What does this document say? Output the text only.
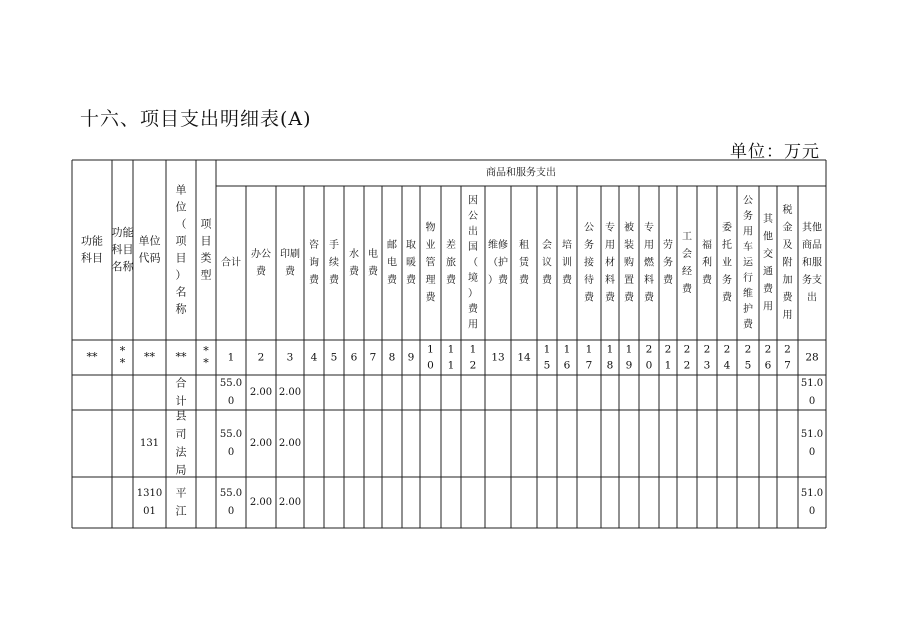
十六、项目支出明细表(A)
单位：万元
商品和服务支出
功能
科目
功能
科目
名称
单位
代码
单
位
（
项
目
）
名
称
项
目
类
型
合计
办公
费
印刷
费
咨
询
费
手
续
费
水
费
电
费
邮
电
费
取
暖
费
物
业
管
理
费
差
旅
费
因
公
出
国
（
境
）
费
用
维修
（护
）费
租
赁
费
会
议
费
培
训
费
公
务
接
待
费
专
用
材
料
费
被
装
购
置
费
专
用
燃
料
费
劳
务
费
工
会
经
费
福
利
费
委
托
业
务
费
公
务
用
车
运
行
维
护
费
其
他
交
通
费
用
税
金
及
附
加
费
用
其他
商品
和服
务支
出
** *
* ** ** *
* 1 2 3 4 5 6 7 8 9
1
0
1
1
1
2
13 14
1
5
1
6
1
7
1
8
1
9
2
0
2
1
2
2
2
3
2
4
2
5
2
6
2
7
28
合
计
55.0
0
2.00 2.00
51.0
0
131
县
司
法
局
55.0
0
2.00 2.00
51.0
0
1310
01
平
江
55.0
0
2.00 2.00
51.0
0
